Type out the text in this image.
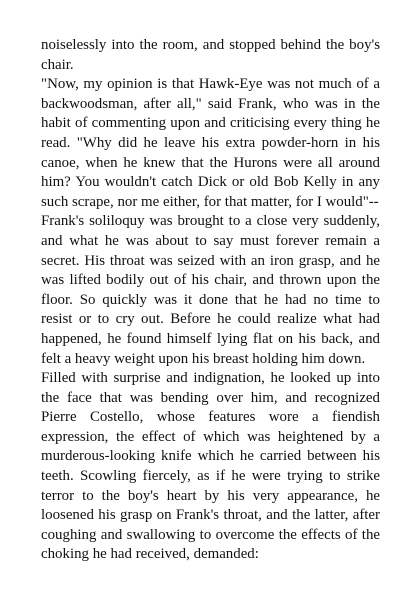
noiselessly into the room, and stopped behind the boy's chair.

"Now, my opinion is that Hawk-Eye was not much of a backwoodsman, after all," said Frank, who was in the habit of commenting upon and criticising every thing he read. "Why did he leave his extra powder-horn in his canoe, when he knew that the Hurons were all around him? You wouldn't catch Dick or old Bob Kelly in any such scrape, nor me either, for that matter, for I would"--

Frank's soliloquy was brought to a close very suddenly, and what he was about to say must forever remain a secret. His throat was seized with an iron grasp, and he was lifted bodily out of his chair, and thrown upon the floor. So quickly was it done that he had no time to resist or to cry out. Before he could realize what had happened, he found himself lying flat on his back, and felt a heavy weight upon his breast holding him down.

Filled with surprise and indignation, he looked up into the face that was bending over him, and recognized Pierre Costello, whose features wore a fiendish expression, the effect of which was heightened by a murderous-looking knife which he carried between his teeth. Scowling fiercely, as if he were trying to strike terror to the boy's heart by his very appearance, he loosened his grasp on Frank's throat, and the latter, after coughing and swallowing to overcome the effects of the choking he had received, demanded:
